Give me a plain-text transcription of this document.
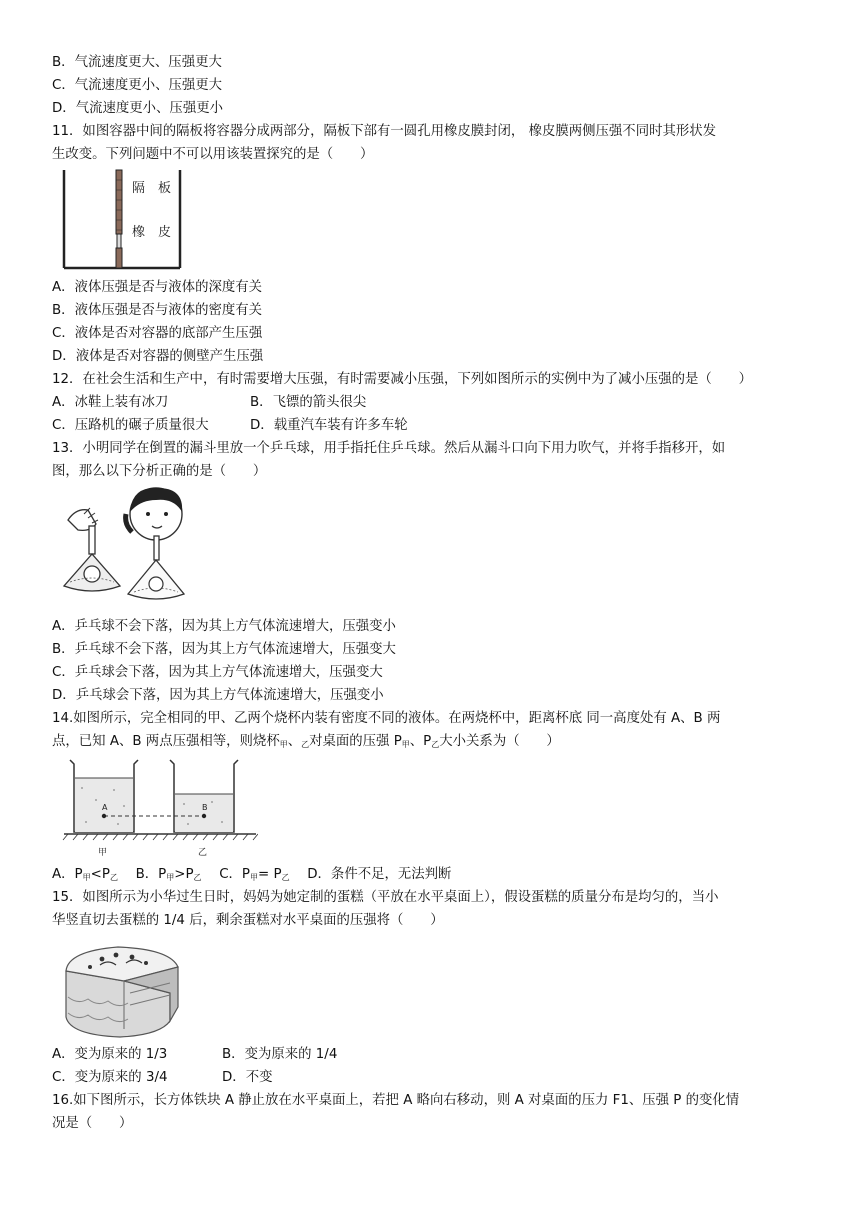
B．气流速度更大、压强更大
C．气流速度更小、压强更大
D．气流速度更小、压强更小
11．如图容器中间的隔板将容器分成两部分，隔板下部有一圆孔用橡皮膜封闭， 橡皮膜两侧压强不同时其形状发
生改变。下列问题中不可以用该装置探究的是（　　）
隔　板
橡　皮
A．液体压强是否与液体的深度有关
B．液体压强是否与液体的密度有关
C．液体是否对容器的底部产生压强
D．液体是否对容器的侧壁产生压强
12．在社会生活和生产中，有时需要增大压强，有时需要减小压强，下列如图所示的实例中为了减小压强的是（　　）
A．冰鞋上装有冰刀	B．飞镖的箭头很尖
C．压路机的碾子质量很大	D．载重汽车装有许多车轮
13．小明同学在倒置的漏斗里放一个乒乓球，用手指托住乒乓球。然后从漏斗口向下用力吹气，并将手指移开，如
图，那么以下分析正确的是（　　）
A．乒乓球不会下落，因为其上方气体流速增大，压强变小
B．乒乓球不会下落，因为其上方气体流速增大，压强变大
C．乒乓球会下落，因为其上方气体流速增大，压强变大
D．乒乓球会下落，因为其上方气体流速增大，压强变小
14.如图所示，完全相同的甲、乙两个烧杯内装有密度不同的液体。在两烧杯中，距离杯底 同一高度处有 A、B 两
点，已知 A、B 两点压强相等，则烧杯$_甲$、$_乙$对桌面的压强 $P_甲$、$P_乙$大小关系为（　　）
A	B
甲	乙
A．$P_甲<P_乙$　 B．$P_甲>P_乙$　 C．$P_甲= P_乙$　 D．条件不足，无法判断
15．如图所示为小华过生日时，妈妈为她定制的蛋糕（平放在水平桌面上），假设蛋糕的质量分布是均匀的，当小
华竖直切去蛋糕的 1/4 后，剩余蛋糕对水平桌面的压强将（　　）
A．变为原来的 1/3	B．变为原来的 1/4
C．变为原来的 3/4	D．不变
16.如下图所示，长方体铁块 A 静止放在水平桌面上，若把 A 略向右移动，则 A 对桌面的压力 F1、压强 P 的变化情
况是（　　）
